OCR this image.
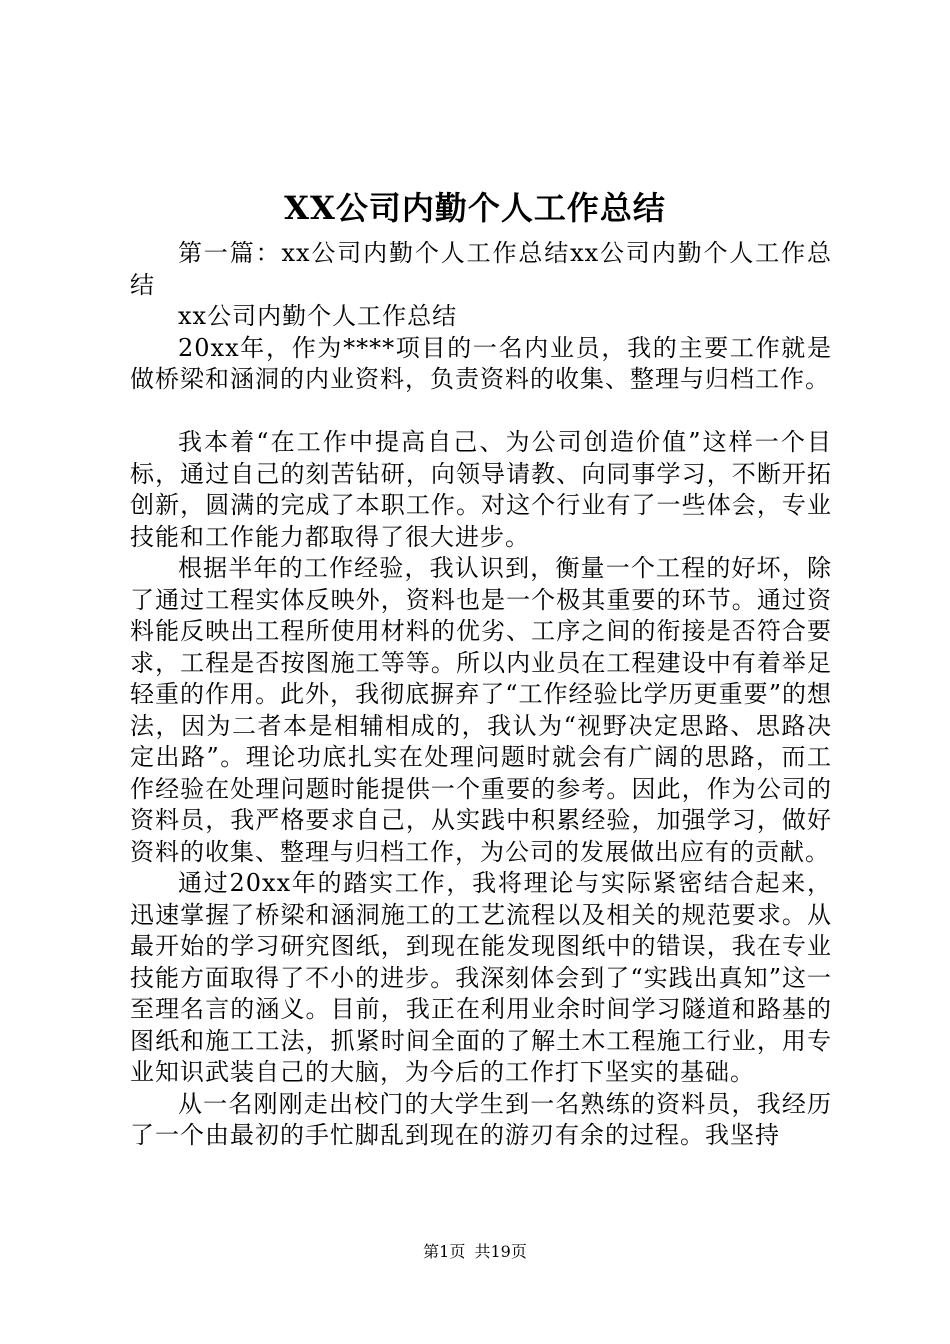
XX公司内勤个人工作总结

第一篇：xx公司内勤个人工作总结xx公司内勤个人工作总结

xx公司内勤个人工作总结

20xx年，作为****项目的一名内业员，我的主要工作就是做桥梁和涵洞的内业资料，负责资料的收集、整理与归档工作。

我本着“在工作中提高自己、为公司创造价值”这样一个目标，通过自己的刻苦钻研，向领导请教、向同事学习，不断开拓创新，圆满的完成了本职工作。对这个行业有了一些体会，专业技能和工作能力都取得了很大进步。

根据半年的工作经验，我认识到，衡量一个工程的好坏，除了通过工程实体反映外，资料也是一个极其重要的环节。通过资料能反映出工程所使用材料的优劣、工序之间的衔接是否符合要求，工程是否按图施工等等。所以内业员在工程建设中有着举足轻重的作用。此外，我彻底摒弃了“工作经验比学历更重要”的想法，因为二者本是相辅相成的，我认为“视野决定思路、思路决定出路”。理论功底扎实在处理问题时就会有广阔的思路，而工作经验在处理问题时能提供一个重要的参考。因此，作为公司的资料员，我严格要求自己，从实践中积累经验，加强学习，做好资料的收集、整理与归档工作，为公司的发展做出应有的贡献。

通过20xx年的踏实工作，我将理论与实际紧密结合起来，迅速掌握了桥梁和涵洞施工的工艺流程以及相关的规范要求。从最开始的学习研究图纸，到现在能发现图纸中的错误，我在专业技能方面取得了不小的进步。我深刻体会到了“实践出真知”这一至理名言的涵义。目前，我正在利用业余时间学习隧道和路基的图纸和施工工法，抓紧时间全面的了解土木工程施工行业，用专业知识武装自己的大脑，为今后的工作打下坚实的基础。

从一名刚刚走出校门的大学生到一名熟练的资料员，我经历了一个由最初的手忙脚乱到现在的游刃有余的过程。我坚持

第1页 共19页
